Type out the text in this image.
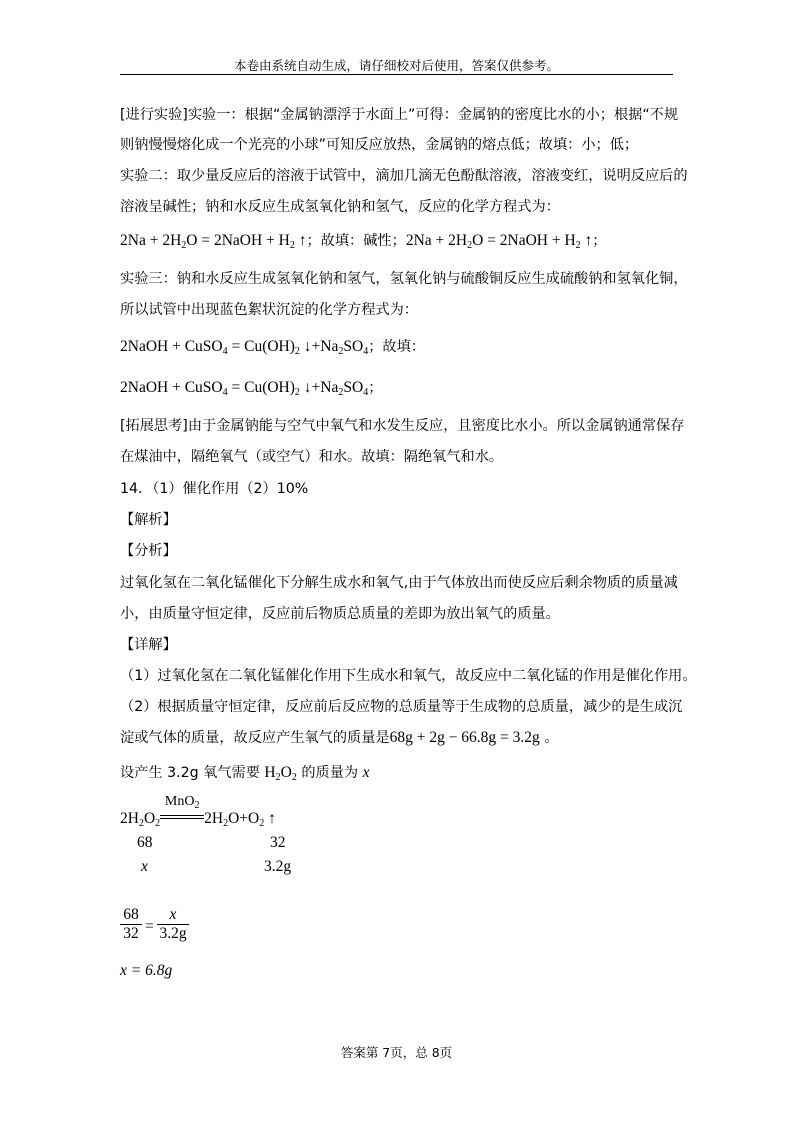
本卷由系统自动生成，请仔细校对后使用，答案仅供参考。
[进行实验]实验一：根据“金属钠漂浮于水面上”可得：金属钠的密度比水的小；根据“不规
则钠慢慢熔化成一个光亮的小球”可知反应放热，金属钠的熔点低；故填：小；低；
实验二：取少量反应后的溶液于试管中，滴加几滴无色酚酞溶液，溶液变红，说明反应后的
溶液呈碱性；钠和水反应生成氢氧化钠和氢气，反应的化学方程式为：
$2Na + 2H_2O$ = 2NaOH + $H_2$ ↑；故填：碱性；$2Na + 2H_2O$ = 2NaOH + $H_2$ ↑；
实验三：钠和水反应生成氢氧化钠和氢气，氢氧化钠与硫酸铜反应生成硫酸钠和氢氧化铜，
所以试管中出现蓝色絮状沉淀的化学方程式为：
2NaOH + CuSO$_4$ = $Cu(OH)_2$ $↓+Na_2SO_4$；故填：
2NaOH + CuSO$_4$ = $Cu(OH)_2$ $↓+Na_2SO_4$；
[拓展思考]由于金属钠能与空气中氧气和水发生反应，且密度比水小。所以金属钠通常保存
在煤油中，隔绝氧气（或空气）和水。故填：隔绝氧气和水。
14．（1）催化作用（2）10%
【解析】
【分析】
过氧化氢在二氧化锰催化下分解生成水和氧气,由于气体放出而使反应后剩余物质的质量减
小，由质量守恒定律，反应前后物质总质量的差即为放出氧气的质量。
【详解】
（1）过氧化氢在二氧化锰催化作用下生成水和氧气，故反应中二氧化锰的作用是催化作用。
（2）根据质量守恒定律，反应前后反应物的总质量等于生成物的总质量，减少的是生成沉
淀或气体的质量，故反应产生氧气的质量是68g + 2g − 66.8g = 3.2g 。
设产生 3.2g 氧气需要 $H_2O_2$ 的质量为 x
$2H_2O_2$
MnO$_2$
$2H_2O+O_2$ ↑
68	32
x	3.2g
$\frac{68}{32} = \frac{x}{3.2g}$
x = 6.8g
答案第 7页，总 8页
